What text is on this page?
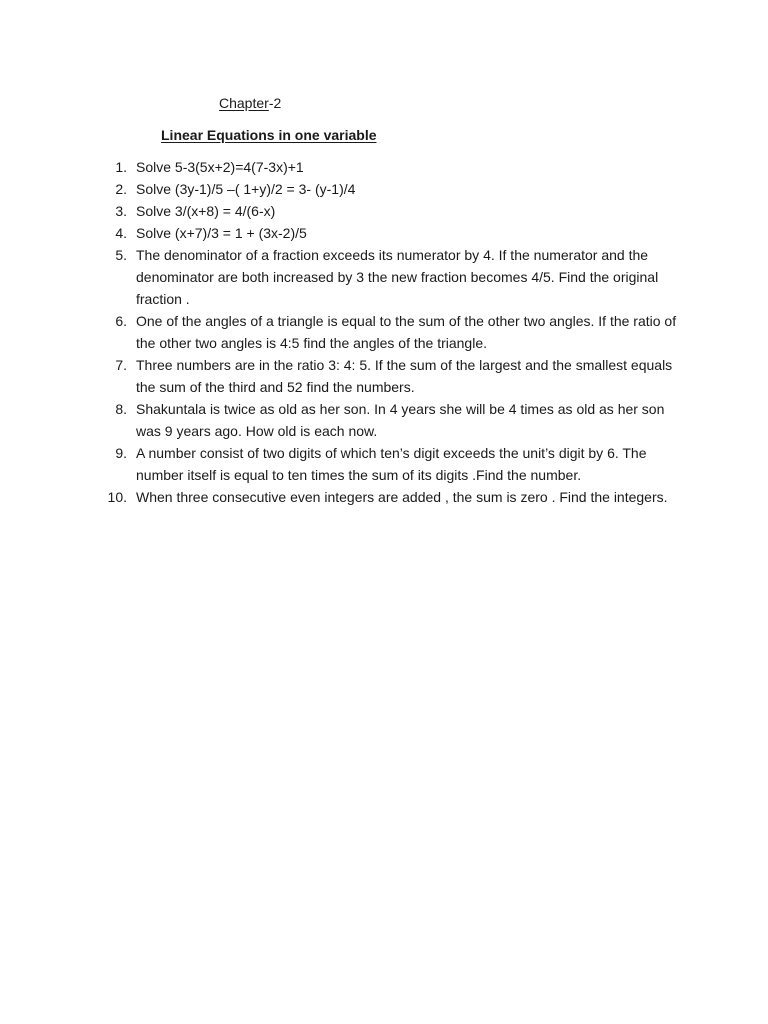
Chapter-2
Linear Equations in one variable
1. Solve 5-3(5x+2)=4(7-3x)+1
2. Solve (3y-1)/5 –( 1+y)/2 = 3- (y-1)/4
3. Solve 3/(x+8) = 4/(6-x)
4. Solve (x+7)/3 = 1 + (3x-2)/5
5. The denominator of a fraction exceeds its numerator by 4. If the numerator and the denominator are both increased by 3 the new fraction becomes 4/5. Find the original fraction .
6. One of the angles of a triangle is equal to the sum of the other two angles. If the ratio of the other two angles is 4:5 find the angles of the triangle.
7. Three numbers are in the ratio 3: 4: 5. If the sum of the largest and the smallest equals the sum of the third and 52 find the numbers.
8. Shakuntala is twice as old as her son. In 4 years she will be 4 times as old as her son was 9 years ago. How old is each now.
9. A number consist of two digits of which ten’s digit exceeds the unit’s digit by 6. The number itself is equal to ten times the sum of its digits .Find the number.
10. When three consecutive even integers are added , the sum is zero . Find the integers.
